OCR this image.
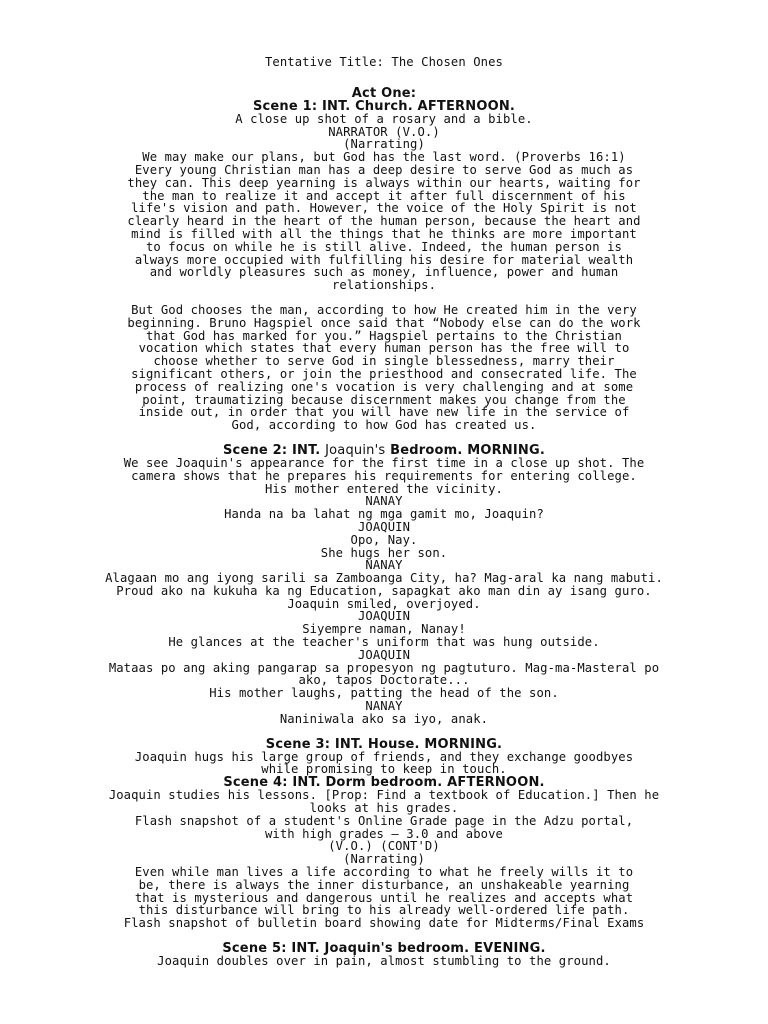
Tentative Title: The Chosen Ones
Act One:
Scene 1: INT. Church. AFTERNOON.
A close up shot of a rosary and a bible.
NARRATOR (V.O.)
(Narrating)
We may make our plans, but God has the last word. (Proverbs 16:1)
Every young Christian man has a deep desire to serve God as much as
they can. This deep yearning is always within our hearts, waiting for
the man to realize it and accept it after full discernment of his
life's vision and path. However, the voice of the Holy Spirit is not
clearly heard in the heart of the human person, because the heart and
mind is filled with all the things that he thinks are more important
to focus on while he is still alive. Indeed, the human person is
always more occupied with fulfilling his desire for material wealth
and worldly pleasures such as money, influence, power and human
relationships.
But God chooses the man, according to how He created him in the very
beginning. Bruno Hagspiel once said that “Nobody else can do the work
that God has marked for you.” Hagspiel pertains to the Christian
vocation which states that every human person has the free will to
choose whether to serve God in single blessedness, marry their
significant others, or join the priesthood and consecrated life. The
process of realizing one's vocation is very challenging and at some
point, traumatizing because discernment makes you change from the
inside out, in order that you will have new life in the service of
God, according to how God has created us.
Scene 2: INT. Joaquin's Bedroom. MORNING.
We see Joaquin's appearance for the first time in a close up shot. The
camera shows that he prepares his requirements for entering college.
His mother entered the vicinity.
NANAY
Handa na ba lahat ng mga gamit mo, Joaquin?
JOAQUIN
Opo, Nay.
She hugs her son.
NANAY
Alagaan mo ang iyong sarili sa Zamboanga City, ha? Mag-aral ka nang mabuti.
Proud ako na kukuha ka ng Education, sapagkat ako man din ay isang guro.
Joaquin smiled, overjoyed.
JOAQUIN
Siyempre naman, Nanay!
He glances at the teacher's uniform that was hung outside.
JOAQUIN
Mataas po ang aking pangarap sa propesyon ng pagtuturo. Mag-ma-Masteral po
ako, tapos Doctorate...
His mother laughs, patting the head of the son.
NANAY
Naniniwala ako sa iyo, anak.
Scene 3: INT. House. MORNING.
Joaquin hugs his large group of friends, and they exchange goodbyes
while promising to keep in touch.
Scene 4: INT. Dorm bedroom. AFTERNOON.
Joaquin studies his lessons. [Prop: Find a textbook of Education.] Then he
looks at his grades.
Flash snapshot of a student's Online Grade page in the Adzu portal,
with high grades – 3.0 and above
(V.O.) (CONT'D)
(Narrating)
Even while man lives a life according to what he freely wills it to
be, there is always the inner disturbance, an unshakeable yearning
that is mysterious and dangerous until he realizes and accepts what
this disturbance will bring to his already well-ordered life path.
Flash snapshot of bulletin board showing date for Midterms/Final Exams
Scene 5: INT. Joaquin's bedroom. EVENING.
Joaquin doubles over in pain, almost stumbling to the ground.
